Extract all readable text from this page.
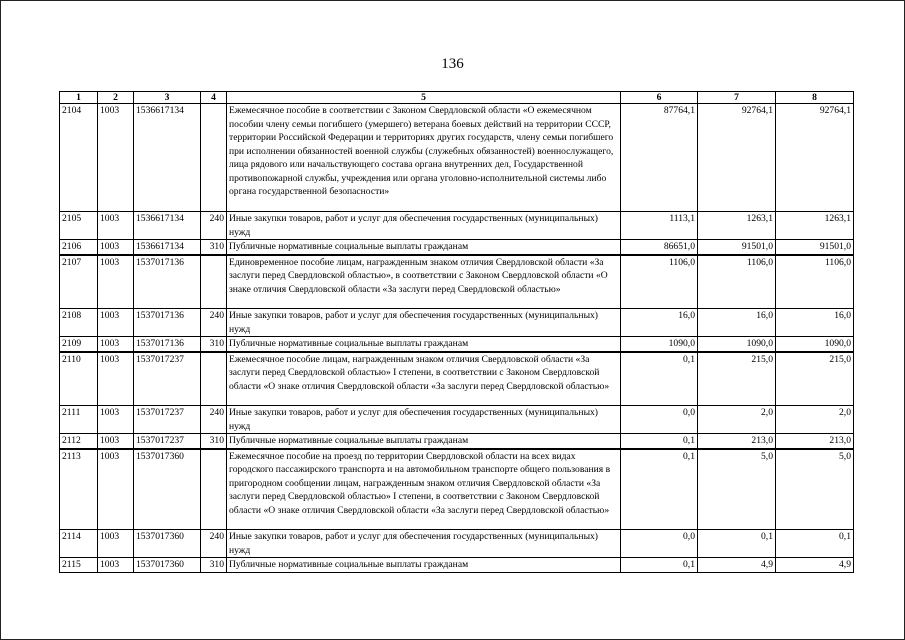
136
1	2	3	4	5	6	7	8
2104	1003	1536617134		Ежемесячное пособие в соответствии с Законом Свердловской области «О ежемесячном пособии члену семьи погибшего (умершего) ветерана боевых действий на территории СССР, территории Российской Федерации и территориях других государств, члену семьи погибшего при исполнении обязанностей военной службы (служебных обязанностей) военнослужащего, лица рядового или начальствующего состава органа внутренних дел, Государственной противопожарной службы, учреждения или органа уголовно-исполнительной системы либо органа государственной безопасности»	87764,1	92764,1	92764,1
2105	1003	1536617134	240	Иные закупки товаров, работ и услуг для обеспечения государственных (муниципальных) нужд	1113,1	1263,1	1263,1
2106	1003	1536617134	310	Публичные нормативные социальные выплаты гражданам	86651,0	91501,0	91501,0
2107	1003	1537017136		Единовременное пособие лицам, награжденным знаком отличия Свердловской области «За заслуги перед Свердловской областью», в соответствии с Законом Свердловской области «О знаке отличия Свердловской области «За заслуги перед Свердловской областью»	1106,0	1106,0	1106,0
2108	1003	1537017136	240	Иные закупки товаров, работ и услуг для обеспечения государственных (муниципальных) нужд	16,0	16,0	16,0
2109	1003	1537017136	310	Публичные нормативные социальные выплаты гражданам	1090,0	1090,0	1090,0
2110	1003	1537017237		Ежемесячное пособие лицам, награжденным знаком отличия Свердловской области «За заслуги перед Свердловской областью» I степени, в соответствии с Законом Свердловской области «О знаке отличия Свердловской области «За заслуги перед Свердловской областью»	0,1	215,0	215,0
2111	1003	1537017237	240	Иные закупки товаров, работ и услуг для обеспечения государственных (муниципальных) нужд	0,0	2,0	2,0
2112	1003	1537017237	310	Публичные нормативные социальные выплаты гражданам	0,1	213,0	213,0
2113	1003	1537017360		Ежемесячное пособие на проезд по территории Свердловской области на всех видах городского пассажирского транспорта и на автомобильном транспорте общего пользования в пригородном сообщении лицам, награжденным знаком отличия Свердловской области «За заслуги перед Свердловской областью» I степени, в соответствии с Законом Свердловской области «О знаке отличия Свердловской области «За заслуги перед Свердловской областью»	0,1	5,0	5,0
2114	1003	1537017360	240	Иные закупки товаров, работ и услуг для обеспечения государственных (муниципальных) нужд	0,0	0,1	0,1
2115	1003	1537017360	310	Публичные нормативные социальные выплаты гражданам	0,1	4,9	4,9
